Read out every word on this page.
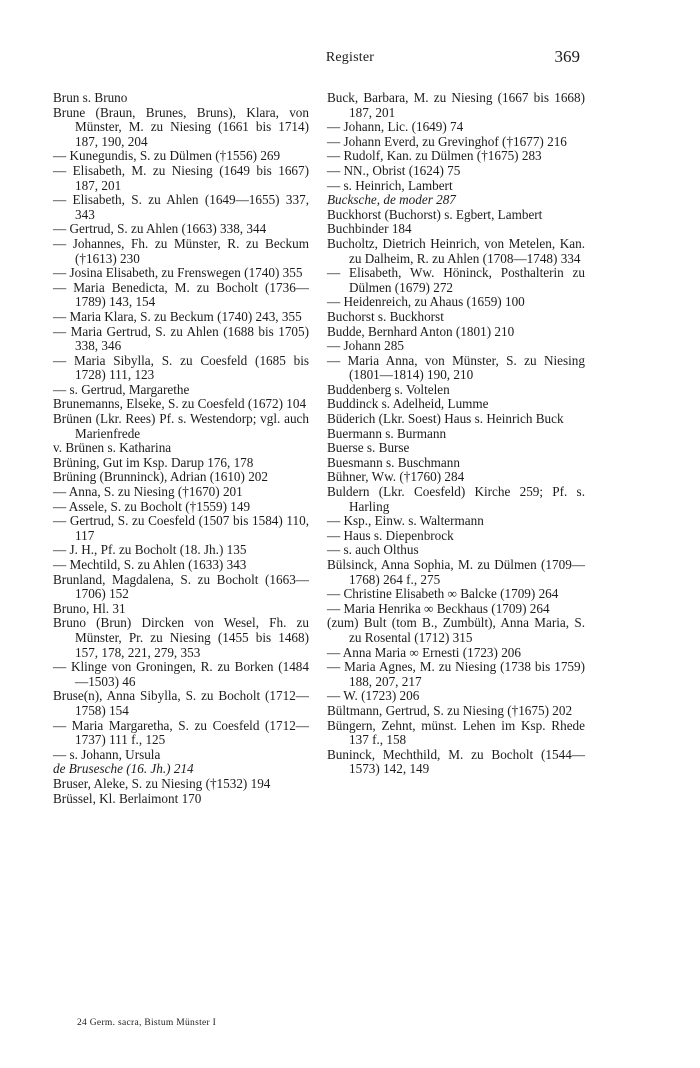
Register	369

Brun s. Bruno

Brune (Braun, Brunes, Bruns), Klara, von Münster, M. zu Niesing (1661 bis 1714) 187, 190, 204

— Kunegundis, S. zu Dülmen (†1556) 269

— Elisabeth, M. zu Niesing (1649 bis 1667) 187, 201

— Elisabeth, S. zu Ahlen (1649—1655) 337, 343

— Gertrud, S. zu Ahlen (1663) 338, 344

— Johannes, Fh. zu Münster, R. zu Beckum (†1613) 230

— Josina Elisabeth, zu Frenswegen (1740) 355

— Maria Benedicta, M. zu Bocholt (1736—1789) 143, 154

— Maria Klara, S. zu Beckum (1740) 243, 355

— Maria Gertrud, S. zu Ahlen (1688 bis 1705) 338, 346

— Maria Sibylla, S. zu Coesfeld (1685 bis 1728) 111, 123

— s. Gertrud, Margarethe

Brunemanns, Elseke, S. zu Coesfeld (1672) 104

Brünen (Lkr. Rees) Pf. s. Westendorp; vgl. auch Marienfrede

v. Brünen s. Katharina

Brüning, Gut im Ksp. Darup 176, 178

Brüning (Brunninck), Adrian (1610) 202

— Anna, S. zu Niesing (†1670) 201

— Assele, S. zu Bocholt (†1559) 149

— Gertrud, S. zu Coesfeld (1507 bis 1584) 110, 117

— J. H., Pf. zu Bocholt (18. Jh.) 135

— Mechtild, S. zu Ahlen (1633) 343

Brunland, Magdalena, S. zu Bocholt (1663—1706) 152

Bruno, Hl. 31

Bruno (Brun) Dircken von Wesel, Fh. zu Münster, Pr. zu Niesing (1455 bis 1468) 157, 178, 221, 279, 353

— Klinge von Groningen, R. zu Borken (1484—1503) 46

Bruse(n), Anna Sibylla, S. zu Bocholt (1712—1758) 154

— Maria Margaretha, S. zu Coesfeld (1712—1737) 111 f., 125

— s. Johann, Ursula

de Brusesche (16. Jh.) 214

Bruser, Aleke, S. zu Niesing (†1532) 194

Brüssel, Kl. Berlaimont 170

Buck, Barbara, M. zu Niesing (1667 bis 1668) 187, 201

— Johann, Lic. (1649) 74

— Johann Everd, zu Grevinghof (†1677) 216

— Rudolf, Kan. zu Dülmen (†1675) 283

— NN., Obrist (1624) 75

— s. Heinrich, Lambert

Bucksche, de moder 287

Buckhorst (Buchorst) s. Egbert, Lambert

Buchbinder 184

Bucholtz, Dietrich Heinrich, von Metelen, Kan. zu Dalheim, R. zu Ahlen (1708—1748) 334

— Elisabeth, Ww. Höninck, Posthalterin zu Dülmen (1679) 272

— Heidenreich, zu Ahaus (1659) 100

Buchorst s. Buckhorst

Budde, Bernhard Anton (1801) 210

— Johann 285

— Maria Anna, von Münster, S. zu Niesing (1801—1814) 190, 210

Buddenberg s. Voltelen

Buddinck s. Adelheid, Lumme

Büderich (Lkr. Soest) Haus s. Heinrich Buck

Buermann s. Burmann

Buerse s. Burse

Buesmann s. Buschmann

Bühner, Ww. (†1760) 284

Buldern (Lkr. Coesfeld) Kirche 259; Pf. s. Harling

— Ksp., Einw. s. Waltermann

— Haus s. Diepenbrock

— s. auch Olthus

Bülsinck, Anna Sophia, M. zu Dülmen (1709—1768) 264 f., 275

— Christine Elisabeth ∞ Balcke (1709) 264

— Maria Henrika ∞ Beckhaus (1709) 264

(zum) Bult (tom B., Zumbült), Anna Maria, S. zu Rosental (1712) 315

— Anna Maria ∞ Ernesti (1723) 206

— Maria Agnes, M. zu Niesing (1738 bis 1759) 188, 207, 217

— W. (1723) 206

Bültmann, Gertrud, S. zu Niesing (†1675) 202

Büngern, Zehnt, münst. Lehen im Ksp. Rhede 137 f., 158

Buninck, Mechthild, M. zu Bocholt (1544—1573) 142, 149

24 Germ. sacra, Bistum Münster I
